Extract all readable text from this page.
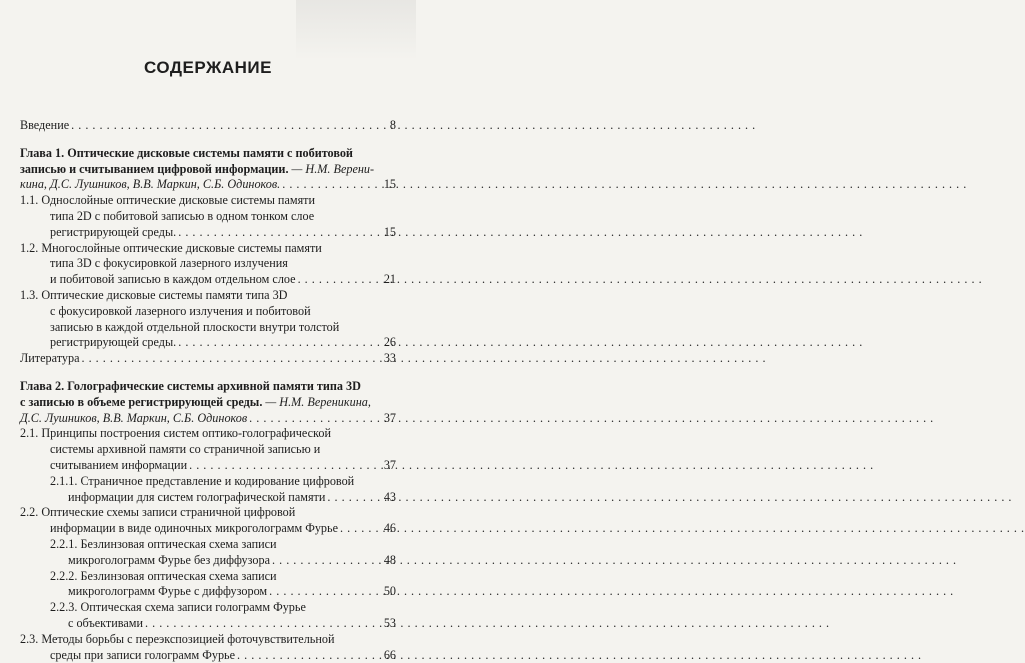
СОДЕРЖАНИЕ
Введение . . .	8
Глава 1. Оптические дисковые системы памяти с побитовой
записью и считыванием цифровой информации. — Н.М. Верени-
кина, Д.С. Лушников, В.В. Маркин, С.Б. Одиноков. . . .	15
1.1. Однослойные оптические дисковые системы памяти
типа 2D с побитовой записью в одном тонком слое
регистрирующей среды. . . .	15
1.2. Многослойные оптические дисковые системы памяти
типа 3D с фокусировкой лазерного излучения
и побитовой записью в каждом отдельном слое . . .	21
1.3. Оптические дисковые системы памяти типа 3D
с фокусировкой лазерного излучения и побитовой
записью в каждой отдельной плоскости внутри толстой
регистрирующей среды. . . .	26
Литература . . .	33
Глава 2. Голографические системы архивной памяти типа 3D
с записью в объеме регистрирующей среды. — Н.М. Вереникина,
Д.С. Лушников, В.В. Маркин, С.Б. Одиноков . . .	37
2.1. Принципы построения систем оптико-голографической
системы архивной памяти со страничной записью и
считыванием информации . . .	37
2.1.1. Страничное представление и кодирование цифровой
информации для систем голографической памяти . . .	43
2.2. Оптические схемы записи страничной цифровой
информации в виде одиночных микроголограмм Фурье . . .	46
2.2.1. Безлинзовая оптическая схема записи
микроголограмм Фурье без диффузора . . .	48
2.2.2. Безлинзовая оптическая схема записи
микроголограмм Фурье с диффузором . . .	50
2.2.3. Оптическая схема записи голограмм Фурье
с объективами . . .	53
2.3. Методы борьбы с переэкспозицией фоточувствительной
среды при записи голограмм Фурье . . .	66
